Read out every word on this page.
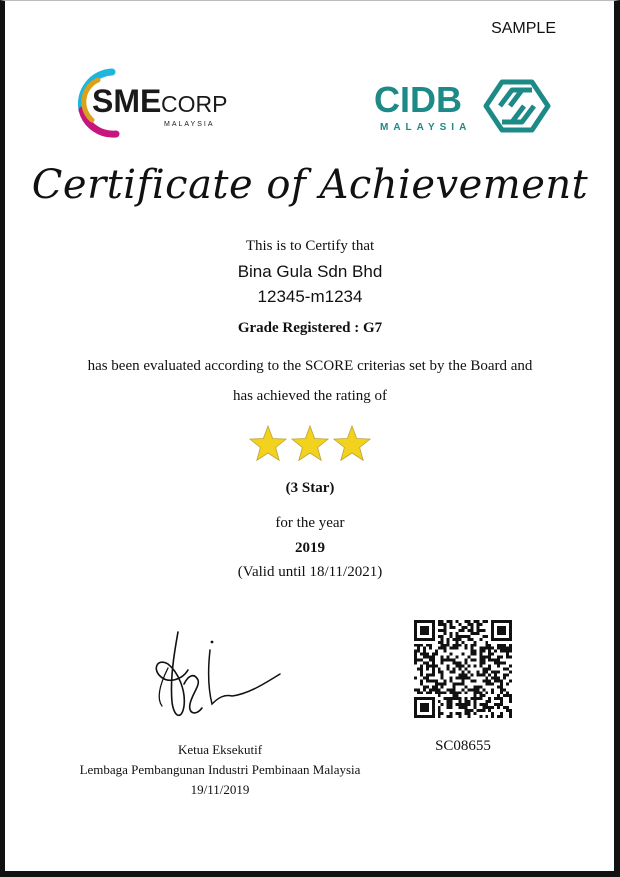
SAMPLE
SME CORP
MALAYSIA
CIDB
MALAYSIA
Certificate of Achievement
This is to Certify that
Bina Gula Sdn Bhd
12345-m1234
Grade Registered : G7
has been evaluated according to the SCORE criterias set by the Board and
has achieved the rating of
(3 Star)
for the year
2019
(Valid until 18/11/2021)
Ketua Eksekutif
Lembaga Pembangunan Industri Pembinaan Malaysia
19/11/2019
SC08655
